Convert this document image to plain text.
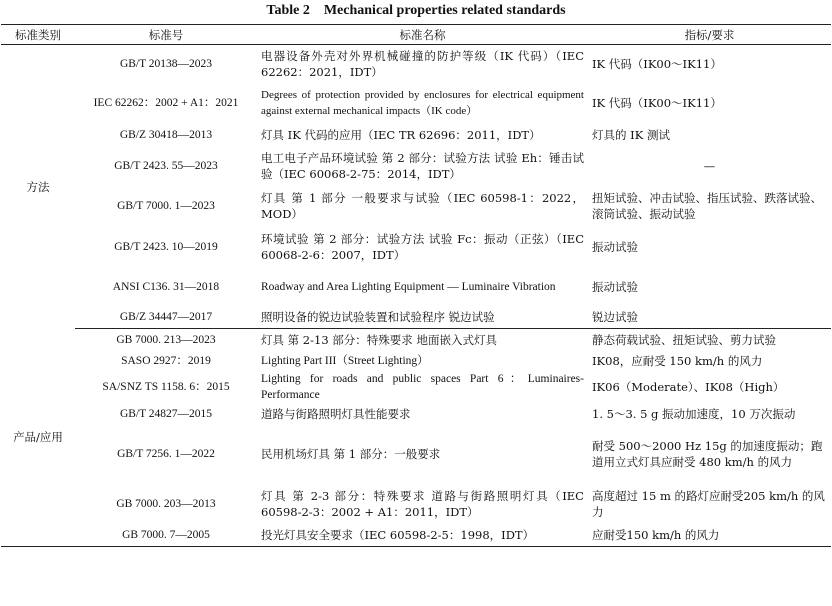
Table 2　Mechanical properties related standards
标准类别	标准号	标准名称	指标/要求
方法	GB/T 20138—2023	电器设备外壳对外界机械碰撞的防护等级（IK 代码）（IEC 62262：2021，IDT）	IK 代码（IK00～IK11）
	IEC 62262：2002 + A1：2021	Degrees of protection provided by enclosures for electrical equipment against external mechanical impacts（IK code）	IK 代码（IK00～IK11）
	GB/Z 30418—2013	灯具 IK 代码的应用（IEC TR 62696：2011，IDT）	灯具的 IK 测试
	GB/T 2423. 55—2023	电工电子产品环境试验 第 2 部分：试验方法 试验 Eh：锤击试验（IEC 60068-2-75：2014，IDT）	—
	GB/T 7000. 1—2023	灯具 第 1 部分 一般要求与试验（IEC 60598-1：2022，MOD）	扭矩试验、冲击试验、指压试验、跌落试验、滚筒试验、振动试验
	GB/T 2423. 10—2019	环境试验 第 2 部分：试验方法 试验 Fc：振动（正弦）（IEC 60068-2-6：2007，IDT）	振动试验
	ANSI C136. 31—2018	Roadway and Area Lighting Equipment — Luminaire Vibration	振动试验
	GB/Z 34447—2017	照明设备的锐边试验装置和试验程序 锐边试验	锐边试验
产品/应用	GB 7000. 213—2023	灯具 第 2-13 部分：特殊要求 地面嵌入式灯具	静态荷载试验、扭矩试验、剪力试验
	SASO 2927：2019	Lighting Part III（Street Lighting）	IK08，应耐受 150 km/h 的风力
	SA/SNZ TS 1158. 6：2015	Lighting for roads and public spaces Part 6：Luminaires-Performance	IK06（Moderate）、IK08（High）
	GB/T 24827—2015	道路与街路照明灯具性能要求	1. 5～3. 5 g 振动加速度，10 万次振动
	GB/T 7256. 1—2022	民用机场灯具 第 1 部分：一般要求	耐受 500～2000 Hz 15g 的加速度振动；跑道用立式灯具应耐受 480 km/h 的风力
	GB 7000. 203—2013	灯具 第 2-3 部分：特殊要求 道路与街路照明灯具（IEC 60598-2-3：2002 + A1：2011，IDT）	高度超过 15 m 的路灯应耐受205 km/h 的风力
	GB 7000. 7—2005	投光灯具安全要求（IEC 60598-2-5：1998，IDT）	应耐受150 km/h 的风力
